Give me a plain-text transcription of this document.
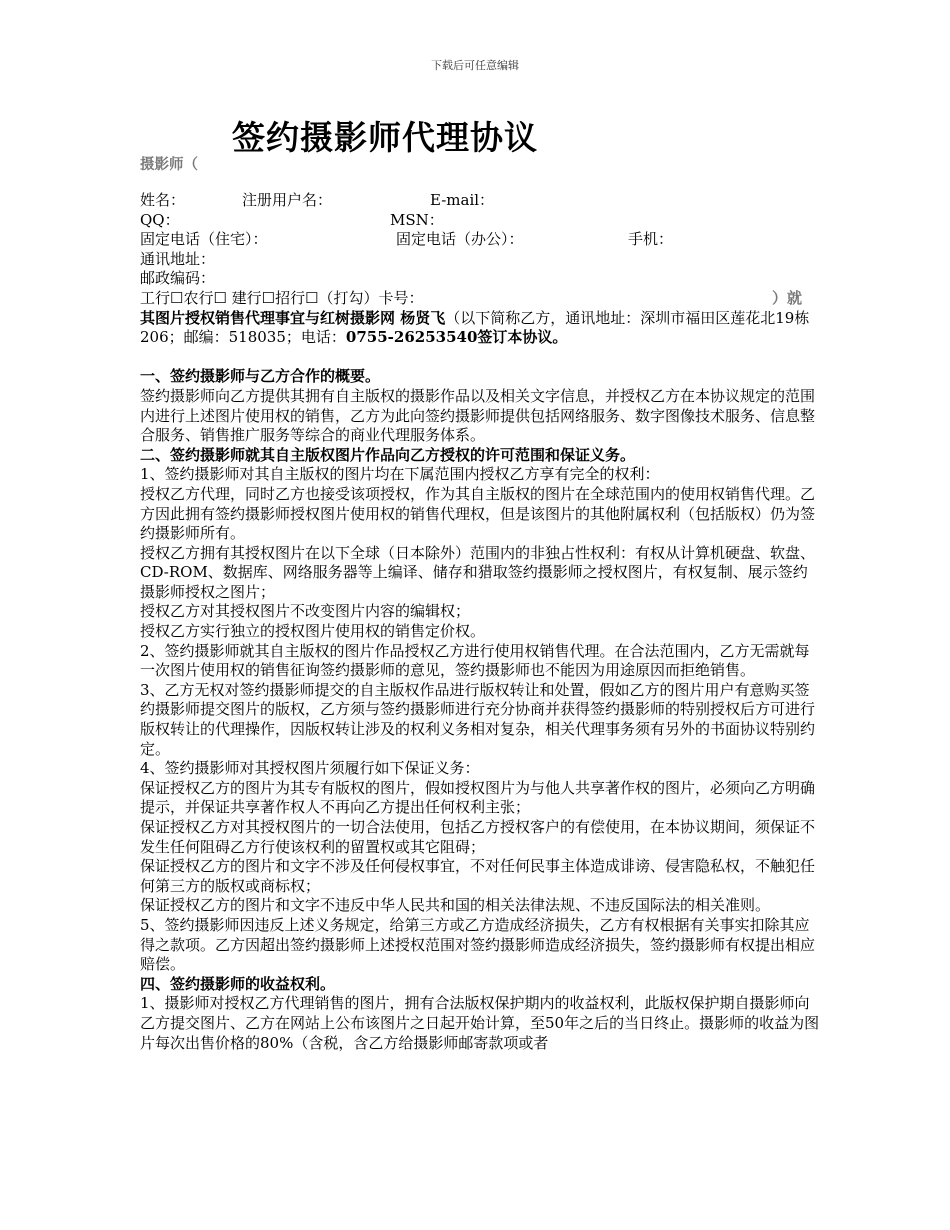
下载后可任意编辑
签约摄影师代理协议
摄影师（
姓名：	注册用户名：	E-mail：
QQ：	MSN：
固定电话（住宅）：	固定电话（办公）：	手机：
通讯地址：
邮政编码：
工行☐农行☐ 建行☐招行☐（打勾）卡号：	）就

其图片授权销售代理事宜与红树摄影网 杨贤飞（以下简称乙方，通讯地址：深圳市福田区莲花北19栋206；邮编：518035；电话：0755-26253540签订本协议。

一、签约摄影师与乙方合作的概要。

签约摄影师向乙方提供其拥有自主版权的摄影作品以及相关文字信息，并授权乙方在本协议规定的范围内进行上述图片使用权的销售，乙方为此向签约摄影师提供包括网络服务、数字图像技术服务、信息整合服务、销售推广服务等综合的商业代理服务体系。

二、签约摄影师就其自主版权图片作品向乙方授权的许可范围和保证义务。

1、签约摄影师对其自主版权的图片均在下属范围内授权乙方享有完全的权利：

授权乙方代理，同时乙方也接受该项授权，作为其自主版权的图片在全球范围内的使用权销售代理。乙方因此拥有签约摄影师授权图片使用权的销售代理权，但是该图片的其他附属权利（包括版权）仍为签约摄影师所有。

授权乙方拥有其授权图片在以下全球（日本除外）范围内的非独占性权利：有权从计算机硬盘、软盘、CD-ROM、数据库、网络服务器等上编译、储存和猎取签约摄影师之授权图片，有权复制、展示签约摄影师授权之图片；

授权乙方对其授权图片不改变图片内容的编辑权；

授权乙方实行独立的授权图片使用权的销售定价权。

2、签约摄影师就其自主版权的图片作品授权乙方进行使用权销售代理。在合法范围内，乙方无需就每一次图片使用权的销售征询签约摄影师的意见，签约摄影师也不能因为用途原因而拒绝销售。

3、乙方无权对签约摄影师提交的自主版权作品进行版权转让和处置，假如乙方的图片用户有意购买签约摄影师提交图片的版权，乙方须与签约摄影师进行充分协商并获得签约摄影师的特别授权后方可进行版权转让的代理操作，因版权转让涉及的权利义务相对复杂，相关代理事务须有另外的书面协议特别约定。

4、签约摄影师对其授权图片须履行如下保证义务：

保证授权乙方的图片为其专有版权的图片，假如授权图片为与他人共享著作权的图片，必须向乙方明确提示，并保证共享著作权人不再向乙方提出任何权利主张；

保证授权乙方对其授权图片的一切合法使用，包括乙方授权客户的有偿使用，在本协议期间，须保证不发生任何阻碍乙方行使该权利的留置权或其它阻碍；

保证授权乙方的图片和文字不涉及任何侵权事宜，不对任何民事主体造成诽谤、侵害隐私权，不触犯任何第三方的版权或商标权；

保证授权乙方的图片和文字不违反中华人民共和国的相关法律法规、不违反国际法的相关准则。

5、签约摄影师因违反上述义务规定，给第三方或乙方造成经济损失，乙方有权根据有关事实扣除其应得之款项。乙方因超出签约摄影师上述授权范围对签约摄影师造成经济损失，签约摄影师有权提出相应赔偿。

四、签约摄影师的收益权利。

1、摄影师对授权乙方代理销售的图片，拥有合法版权保护期内的收益权利，此版权保护期自摄影师向乙方提交图片、乙方在网站上公布该图片之日起开始计算，至50年之后的当日终止。摄影师的收益为图片每次出售价格的80%（含税，含乙方给摄影师邮寄款项或者
